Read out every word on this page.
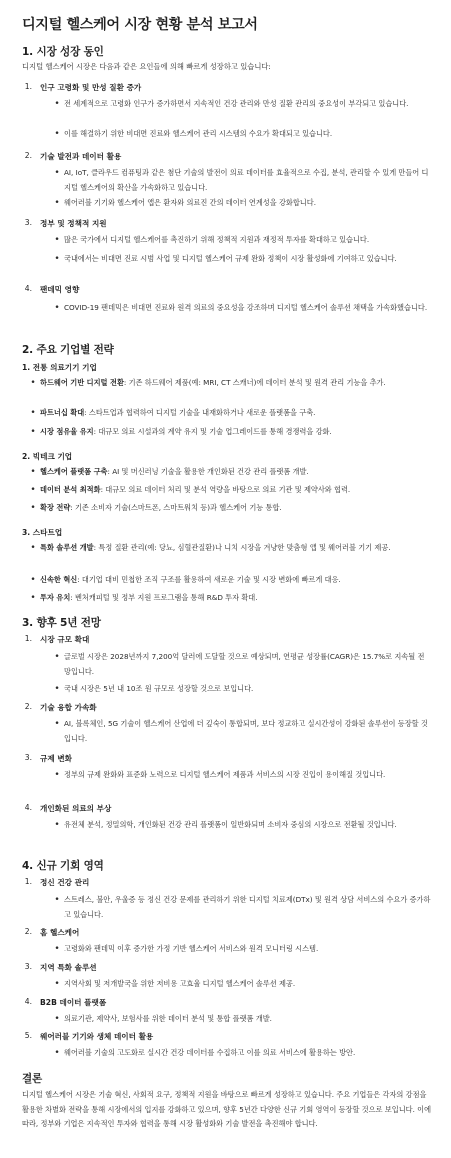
디지털 헬스케어 시장 현황 분석 보고서
1. 시장 성장 동인

디지털 헬스케어 시장은 다음과 같은 요인들에 의해 빠르게 성장하고 있습니다:

1. 인구 고령화 및 만성 질환 증가
• 전 세계적으로 고령화 인구가 증가하면서 지속적인 건강 관리와 만성 질환 관리의 중요성이 부각되고 있습니다.
• 이를 해결하기 위한 비대면 진료와 헬스케어 관리 시스템의 수요가 확대되고 있습니다.
2. 기술 발전과 데이터 활용
• AI, IoT, 클라우드 컴퓨팅과 같은 첨단 기술의 발전이 의료 데이터를 효율적으로 수집, 분석, 관리할 수 있게 만들어 디지털 헬스케어의 확산을 가속화하고 있습니다.
• 웨어러블 기기와 헬스케어 앱은 환자와 의료진 간의 데이터 연계성을 강화합니다.
3. 정부 및 정책적 지원
• 많은 국가에서 디지털 헬스케어를 촉진하기 위해 정책적 지원과 재정적 투자를 확대하고 있습니다.
• 국내에서는 비대면 진료 시범 사업 및 디지털 헬스케어 규제 완화 정책이 시장 활성화에 기여하고 있습니다.
4. 팬데믹 영향
• COVID-19 팬데믹은 비대면 진료와 원격 의료의 중요성을 강조하며 디지털 헬스케어 솔루션 채택을 가속화했습니다.
2. 주요 기업별 전략
1. 전통 의료기기 기업
• 하드웨어 기반 디지털 전환: 기존 하드웨어 제품(예: MRI, CT 스캐너)에 데이터 분석 및 원격 관리 기능을 추가.
• 파트너십 확대: 스타트업과 협력하여 디지털 기술을 내재화하거나 새로운 플랫폼을 구축.
• 시장 점유율 유지: 대규모 의료 시설과의 계약 유지 및 기술 업그레이드를 통해 경쟁력을 강화.
2. 빅테크 기업
• 헬스케어 플랫폼 구축: AI 및 머신러닝 기술을 활용한 개인화된 건강 관리 플랫폼 개발.
• 데이터 분석 최적화: 대규모 의료 데이터 처리 및 분석 역량을 바탕으로 의료 기관 및 제약사와 협력.
• 확장 전략: 기존 소비자 기술(스마트폰, 스마트워치 등)과 헬스케어 기능 통합.
3. 스타트업
• 특화 솔루션 개발: 특정 질환 관리(예: 당뇨, 심혈관질환)나 니치 시장을 겨냥한 맞춤형 앱 및 웨어러블 기기 제공.
• 신속한 혁신: 대기업 대비 민첩한 조직 구조를 활용하여 새로운 기술 및 시장 변화에 빠르게 대응.
• 투자 유치: 벤처캐피털 및 정부 지원 프로그램을 통해 R&D 투자 확대.
3. 향후 5년 전망
1. 시장 규모 확대
• 글로벌 시장은 2028년까지 7,200억 달러에 도달할 것으로 예상되며, 연평균 성장률(CAGR)은 15.7%로 지속될 전망입니다.
• 국내 시장은 5년 내 10조 원 규모로 성장할 것으로 보입니다.
2. 기술 융합 가속화
• AI, 블록체인, 5G 기술이 헬스케어 산업에 더 깊숙이 통합되며, 보다 정교하고 실시간성이 강화된 솔루션이 등장할 것입니다.
3. 규제 변화
• 정부의 규제 완화와 표준화 노력으로 디지털 헬스케어 제품과 서비스의 시장 진입이 용이해질 것입니다.
4. 개인화된 의료의 부상
• 유전체 분석, 정밀의학, 개인화된 건강 관리 플랫폼이 일반화되며 소비자 중심의 시장으로 전환될 것입니다.
4. 신규 기회 영역
1. 정신 건강 관리
• 스트레스, 불안, 우울증 등 정신 건강 문제를 관리하기 위한 디지털 치료제(DTx) 및 원격 상담 서비스의 수요가 증가하고 있습니다.
2. 홈 헬스케어
• 고령화와 팬데믹 이후 증가한 가정 기반 헬스케어 서비스와 원격 모니터링 시스템.
3. 지역 특화 솔루션
• 지역사회 및 저개발국을 위한 저비용 고효율 디지털 헬스케어 솔루션 제공.
4. B2B 데이터 플랫폼
• 의료기관, 제약사, 보험사를 위한 데이터 분석 및 통합 플랫폼 개발.
5. 웨어러블 기기와 생체 데이터 활용
• 웨어러블 기술의 고도화로 실시간 건강 데이터를 수집하고 이를 의료 서비스에 활용하는 방안.
결론

디지털 헬스케어 시장은 기술 혁신, 사회적 요구, 정책적 지원을 바탕으로 빠르게 성장하고 있습니다. 주요 기업들은 각자의 강점을 활용한 차별화 전략을 통해 시장에서의 입지를 강화하고 있으며, 향후 5년간 다양한 신규 기회 영역이 등장할 것으로 보입니다. 이에 따라, 정부와 기업은 지속적인 투자와 협력을 통해 시장 활성화와 기술 발전을 촉진해야 합니다.
